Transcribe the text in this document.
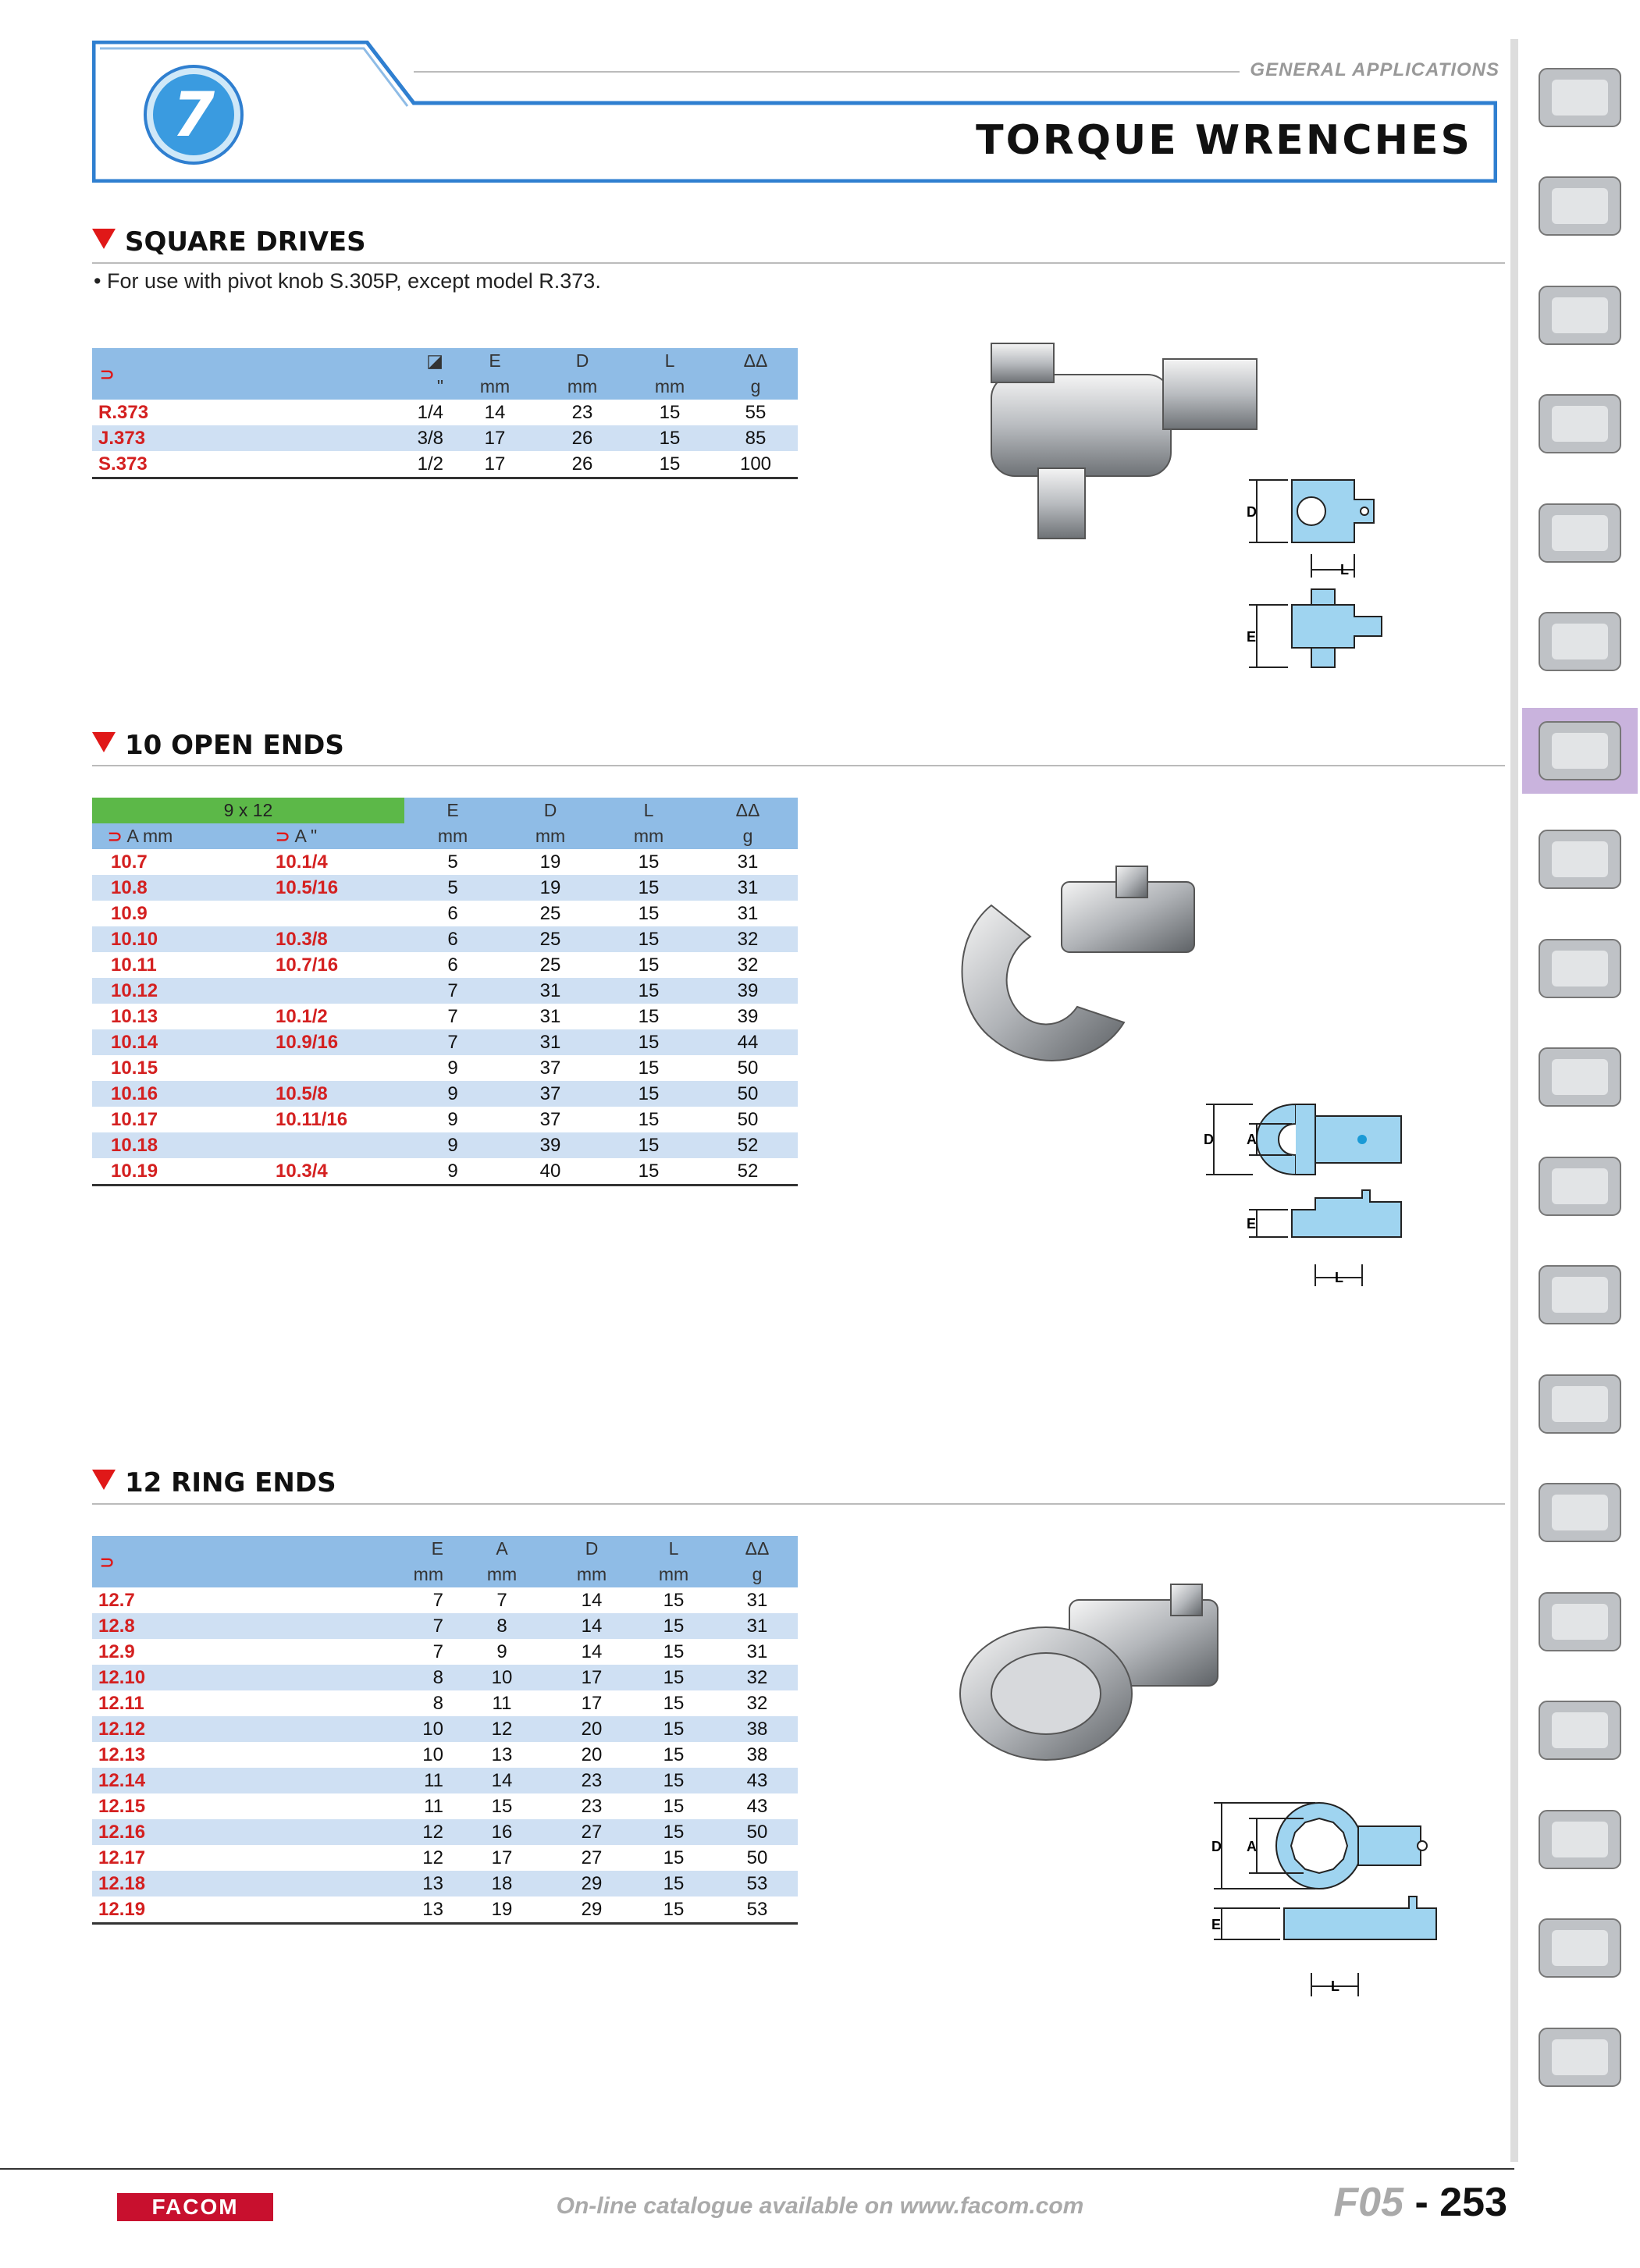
7
GENERAL APPLICATIONS
TORQUE WRENCHES
SQUARE DRIVES
• For use with pivot knob S.305P, except model R.373.
⊃	◪	E	D	L	ΔΔ
	"	mm	mm	mm	g
R.373	1/4	14	23	15	55
J.373	3/8	17	26	15	85
S.373	1/2	17	26	15	100
D
L
E
10 OPEN ENDS
9 x 12		E	D	L	ΔΔ
⊃ A mm	⊃ A "	mm	mm	mm	g
10.7	10.1/4	5	19	15	31
10.8	10.5/16	5	19	15	31
10.9		6	25	15	31
10.10	10.3/8	6	25	15	32
10.11	10.7/16	6	25	15	32
10.12		7	31	15	39
10.13	10.1/2	7	31	15	39
10.14	10.9/16	7	31	15	44
10.15		9	37	15	50
10.16	10.5/8	9	37	15	50
10.17	10.11/16	9	37	15	50
10.18		9	39	15	52
10.19	10.3/4	9	40	15	52
D A
E
L
12 RING ENDS
⊃	E	A	D	L	ΔΔ
	mm	mm	mm	mm	g
12.7	7	7	14	15	31
12.8	7	8	14	15	31
12.9	7	9	14	15	31
12.10	8	10	17	15	32
12.11	8	11	17	15	32
12.12	10	12	20	15	38
12.13	10	13	20	15	38
12.14	11	14	23	15	43
12.15	11	15	23	15	43
12.16	12	16	27	15	50
12.17	12	17	27	15	50
12.18	13	18	29	15	53
12.19	13	19	29	15	53
D A
E
L
FACOM	On-line catalogue available on www.facom.com	F05 - 253
